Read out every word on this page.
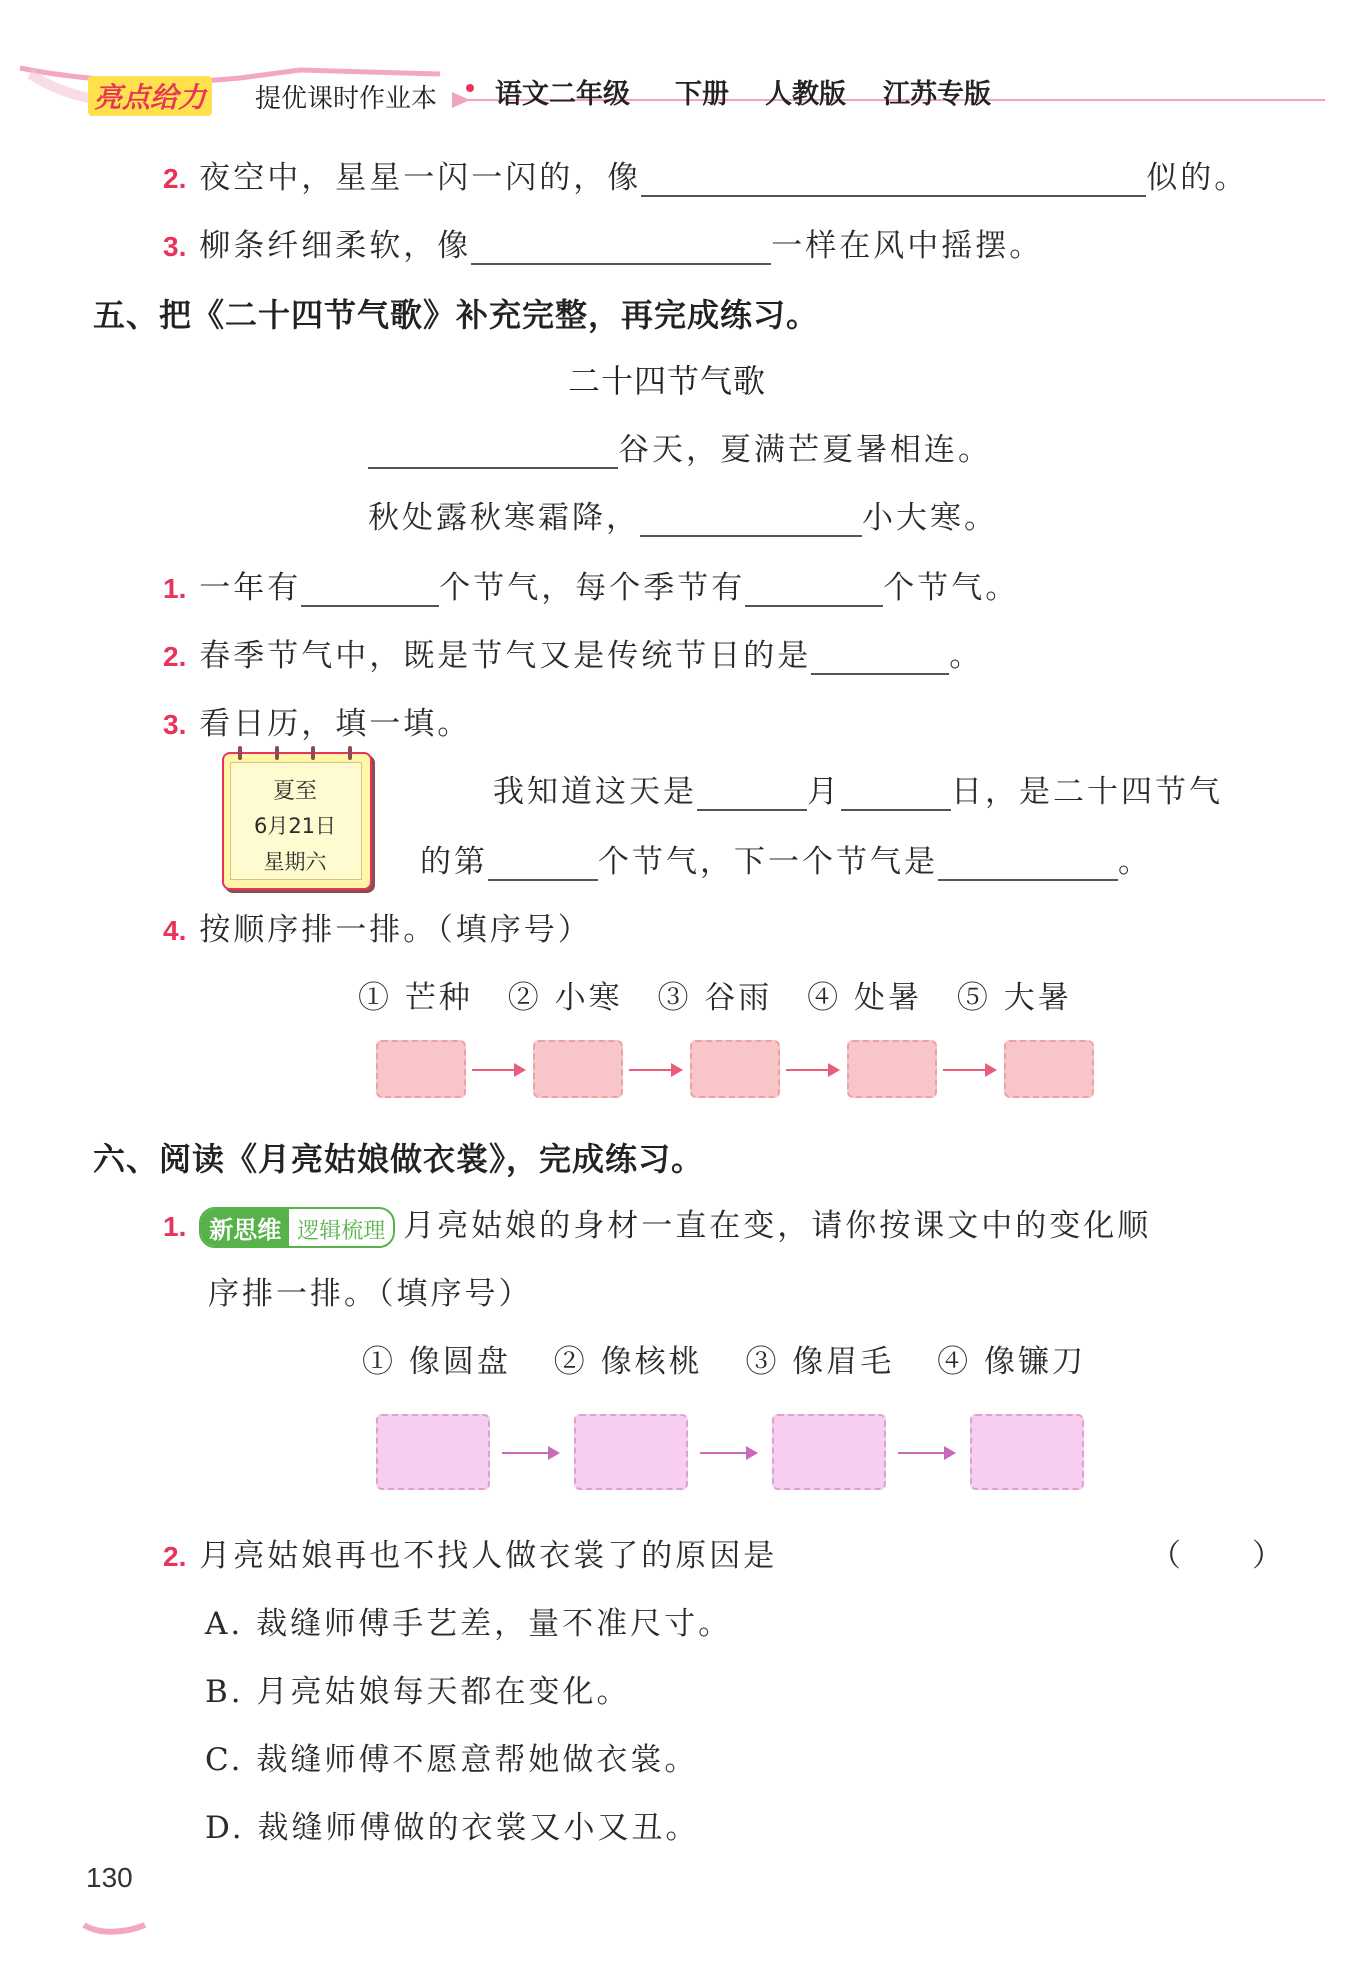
亮点给力 提优课时作业本 语文二年级 下册 人教版 江苏专版
2. 夜空中，星星一闪一闪的，像	似的。
3. 柳条纤细柔软，像	一样在风中摇摆。
五、把《二十四节气歌》补充完整，再完成练习。
二十四节气歌
谷天，夏满芒夏暑相连。
秋处露秋寒霜降，	小大寒。
1. 一年有	个节气，每个季节有	个节气。
2. 春季节气中，既是节气又是传统节日的是	。
3. 看日历，填一填。
夏至
6月21日
星期六
我知道这天是	月	日，是二十四节气
的第	个节气，下一个节气是	。
4. 按顺序排一排。（填序号）
① 芒种 ② 小寒 ③ 谷雨 ④ 处暑 ⑤ 大暑
六、阅读《月亮姑娘做衣裳》，完成练习。
1. 新思维 逻辑梳理 月亮姑娘的身材一直在变，请你按课文中的变化顺
序排一排。（填序号）
① 像圆盘 ② 像核桃 ③ 像眉毛 ④ 像镰刀
2. 月亮姑娘再也不找人做衣裳了的原因是	（　　）
A. 裁缝师傅手艺差，量不准尺寸。
B. 月亮姑娘每天都在变化。
C. 裁缝师傅不愿意帮她做衣裳。
D. 裁缝师傅做的衣裳又小又丑。
130
